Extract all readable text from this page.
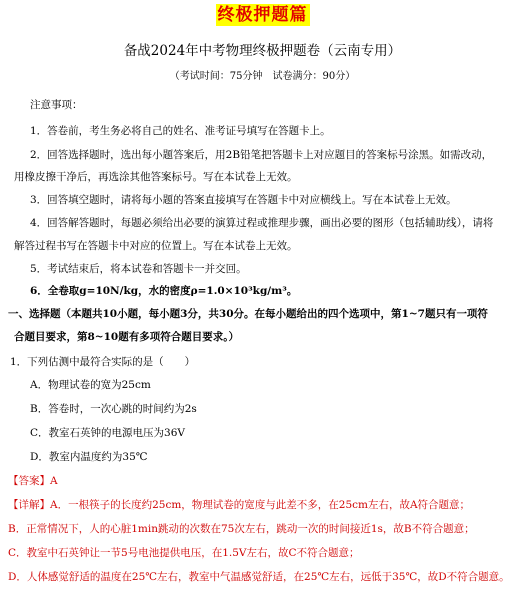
终极押题篇
备战2024年中考物理终极押题卷（云南专用）
（考试时间：75分钟　试卷满分：90分）
注意事项：
1．答卷前，考生务必将自己的姓名、准考证号填写在答题卡上。
2．回答选择题时，选出每小题答案后，用2B铅笔把答题卡上对应题目的答案标号涂黑。如需改动，
用橡皮擦干净后，再选涂其他答案标号。写在本试卷上无效。
3．回答填空题时，请将每小题的答案直接填写在答题卡中对应横线上。写在本试卷上无效。
4．回答解答题时，每题必须给出必要的演算过程或推理步骤，画出必要的图形（包括辅助线），请将
解答过程书写在答题卡中对应的位置上。写在本试卷上无效。
5．考试结束后，将本试卷和答题卡一并交回。
6．全卷取g=10N/kg，水的密度ρ=1.0×10³kg/m³。
一、选择题（本题共10小题，每小题3分，共30分。在每小题给出的四个选项中，第1~7题只有一项符
合题目要求，第8~10题有多项符合题目要求。）
1．下列估测中最符合实际的是（　　）
A．物理试卷的宽为25cm
B．答卷时，一次心跳的时间约为2s
C．教室石英钟的电源电压为36V
D．教室内温度约为35℃
【答案】A
【详解】A．一根筷子的长度约25cm，物理试卷的宽度与此差不多，在25cm左右，故A符合题意；
B．正常情况下，人的心脏1min跳动的次数在75次左右，跳动一次的时间接近1s，故B不符合题意；
C．教室中石英钟让一节5号电池提供电压，在1.5V左右，故C不符合题意；
D．人体感觉舒适的温度在25℃左右，教室中气温感觉舒适，在25℃左右，远低于35℃，故D不符合题意。
